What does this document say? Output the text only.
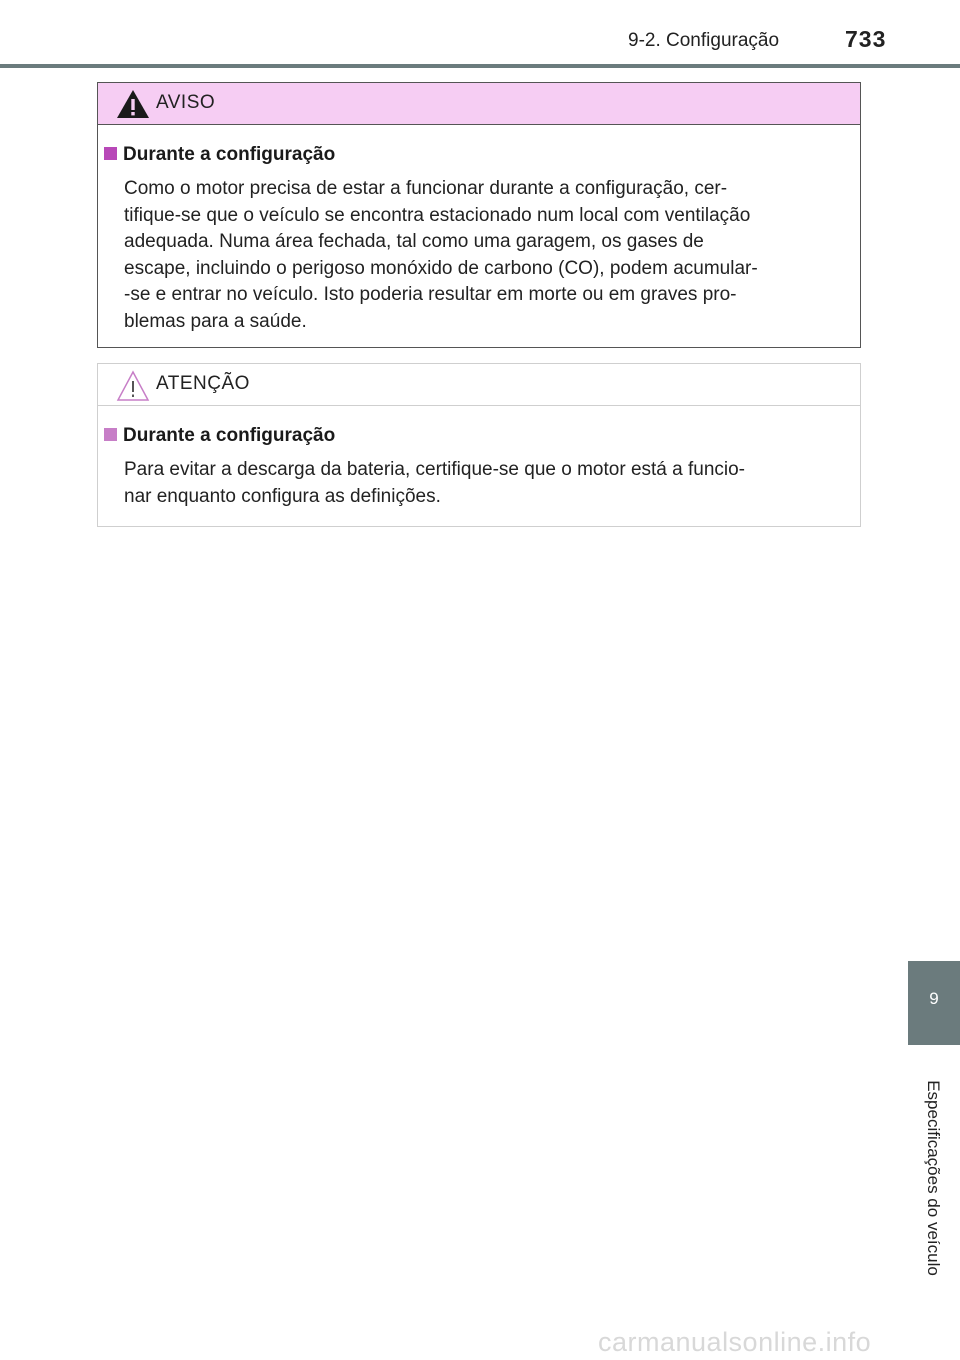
9-2. Configuração	733
AVISO
Durante a configuração
Como o motor precisa de estar a funcionar durante a configuração, cer-
tifique-se que o veículo se encontra estacionado num local com ventilação
adequada. Numa área fechada, tal como uma garagem, os gases de
escape, incluindo o perigoso monóxido de carbono (CO), podem acumular-
-se e entrar no veículo. Isto poderia resultar em morte ou em graves pro-
blemas para a saúde.
ATENÇÃO
Durante a configuração
Para evitar a descarga da bateria, certifique-se que o motor está a funcio-
nar enquanto configura as definições.
9
Especificações do veículo
carmanualsonline.info
